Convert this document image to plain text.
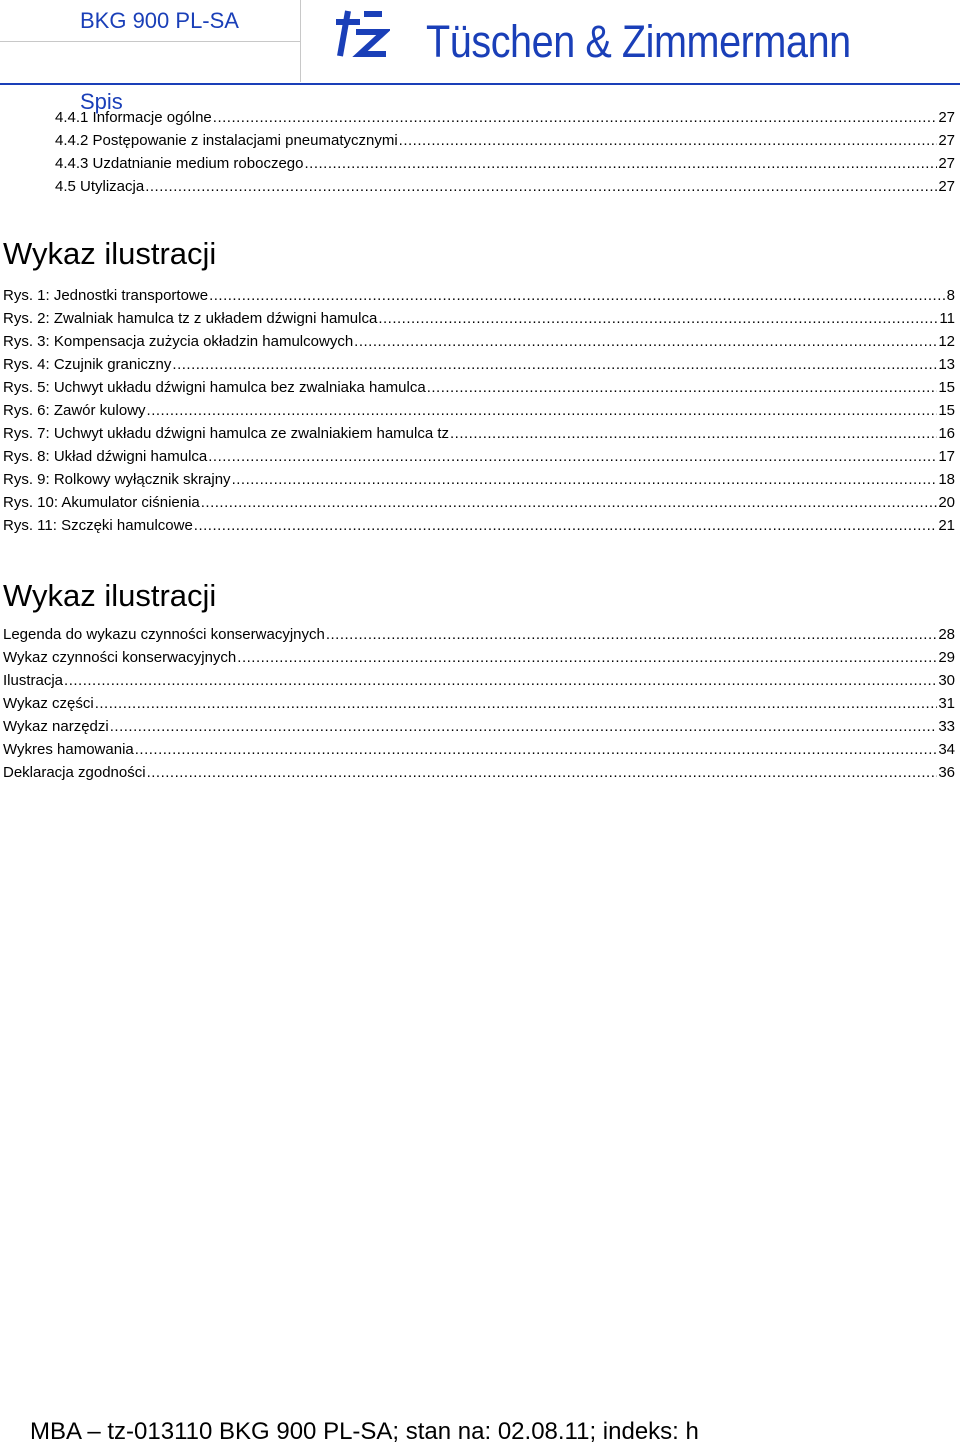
BKG 900 PL-SA
Spis
Tüschen & Zimmermann
4.4.1 Informacje ogólne .....	27
4.4.2 Postępowanie z instalacjami pneumatycznymi .....	27
4.4.3 Uzdatnianie medium roboczego .....	27
4.5 Utylizacja .....	27
Wykaz ilustracji
Rys. 1: Jednostki transportowe .....	8
Rys. 2: Zwalniak hamulca tz z układem dźwigni hamulca .....	11
Rys. 3: Kompensacja zużycia okładzin hamulcowych .....	12
Rys. 4: Czujnik graniczny .....	13
Rys. 5: Uchwyt układu dźwigni hamulca bez zwalniaka hamulca .....	15
Rys. 6: Zawór kulowy .....	15
Rys. 7: Uchwyt układu dźwigni hamulca ze zwalniakiem hamulca tz .....	16
Rys. 8: Układ dźwigni hamulca .....	17
Rys. 9: Rolkowy wyłącznik skrajny .....	18
Rys. 10: Akumulator ciśnienia .....	20
Rys. 11: Szczęki hamulcowe .....	21
Wykaz ilustracji
Legenda do wykazu czynności konserwacyjnych .....	28
Wykaz czynności konserwacyjnych .....	29
Ilustracja .....	30
Wykaz części .....	31
Wykaz narzędzi .....	33
Wykres hamowania .....	34
Deklaracja zgodności .....	36
MBA – tz-013110 BKG 900 PL-SA; stan na: 02.08.11; indeks: h
